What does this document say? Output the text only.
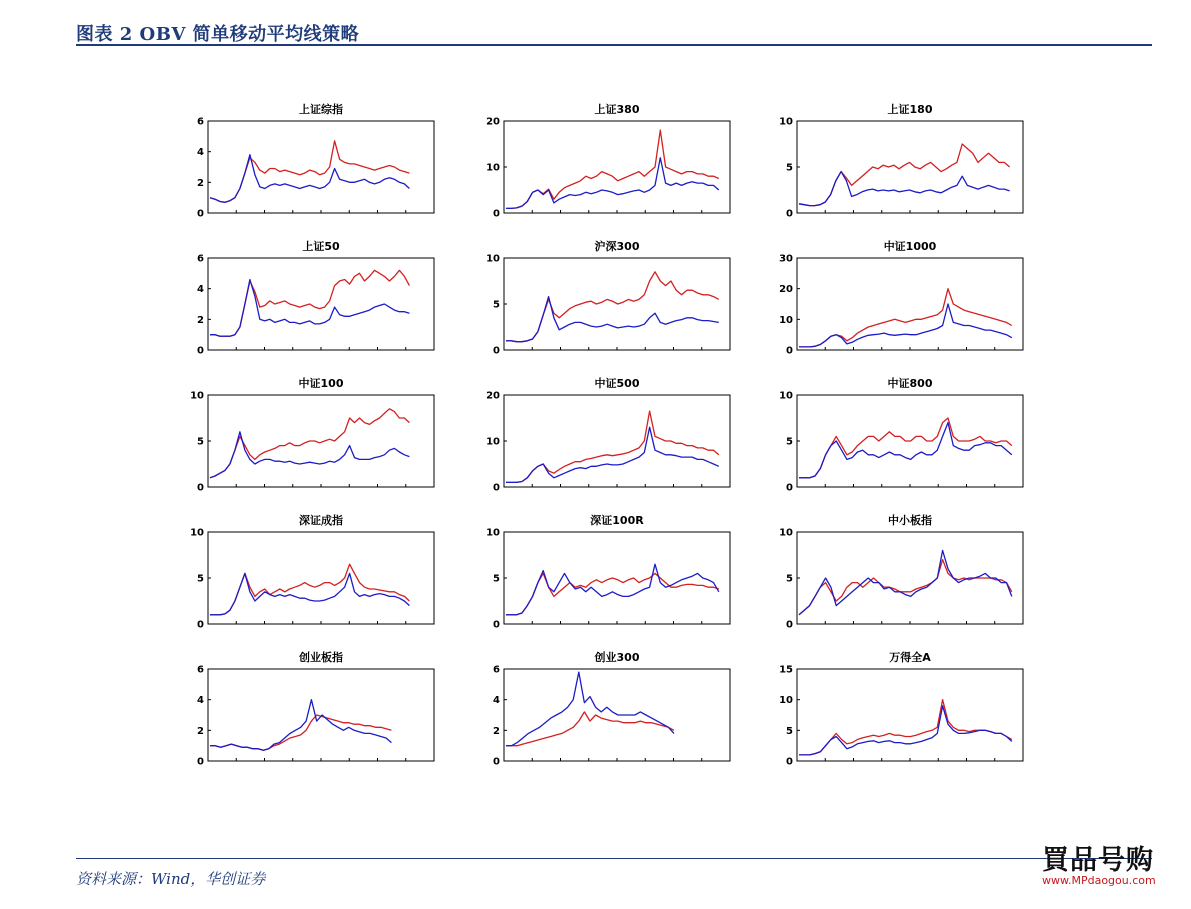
图表 2 OBV 简单移动平均线策略
上证综指
0
2
4
6
上证380
0
10
20
上证180
0
5
10
上证50
0
2
4
6
沪深300
0
5
10
中证1000
0
10
20
30
中证100
0
5
10
中证500
0
10
20
中证800
0
5
10
深证成指
0
5
10
深证100R
0
5
10
中小板指
0
5
10
创业板指
0
2
4
6
创业300
0
2
4
6
万得全A
0
5
10
15
资料来源：Wind，华创证券
買品号购
www.MPdaogou.com
